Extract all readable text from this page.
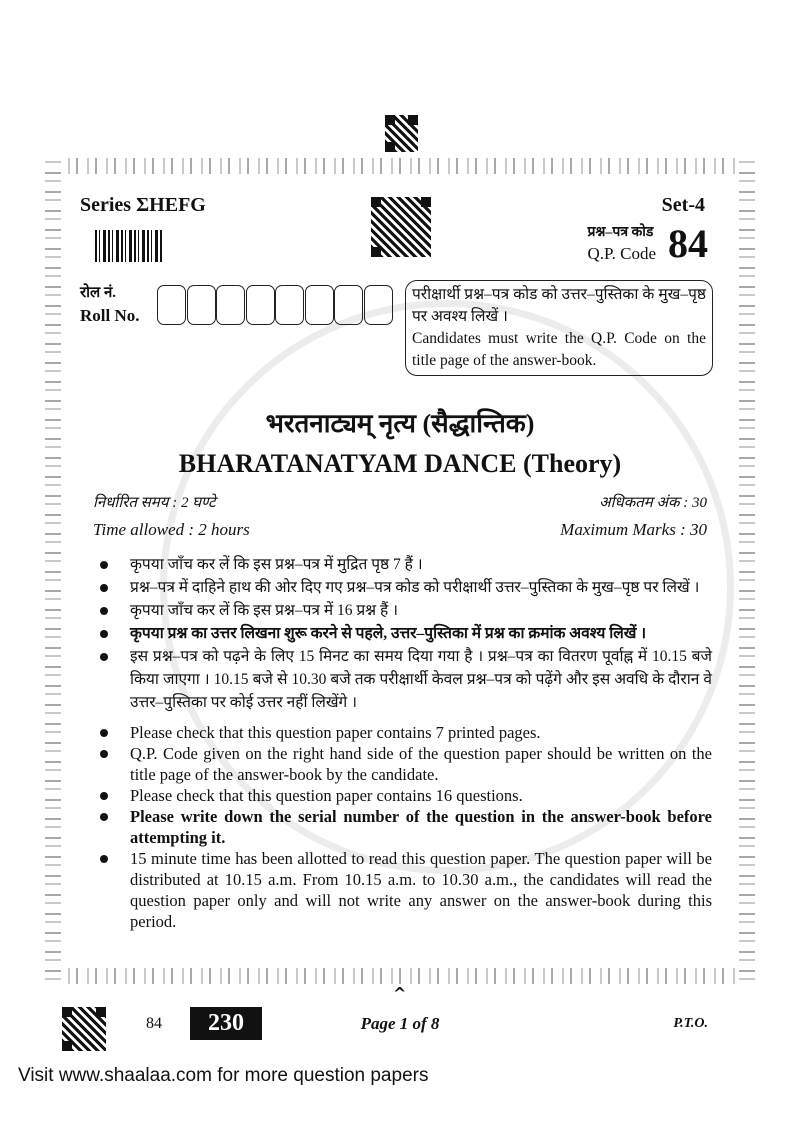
Series ΣHEFG	Set-4
प्रश्न–पत्र कोड
Q.P. Code 84
रोल नं.
Roll No.
परीक्षार्थी प्रश्न–पत्र कोड को उत्तर–पुस्तिका के मुख–पृष्ठ पर अवश्य लिखें ।
Candidates must write the Q.P. Code on the title page of the answer-book.
भरतनाट्यम् नृत्य (सैद्धान्तिक)
BHARATANATYAM DANCE (Theory)
निर्धारित समय : 2 घण्टे	अधिकतम अंक : 30
Time allowed : 2 hours	Maximum Marks : 30
कृपया जाँच कर लें कि इस प्रश्न–पत्र में मुद्रित पृष्ठ 7 हैं ।
प्रश्न–पत्र में दाहिने हाथ की ओर दिए गए प्रश्न–पत्र कोड को परीक्षार्थी उत्तर–पुस्तिका के मुख–पृष्ठ पर लिखें ।
कृपया जाँच कर लें कि इस प्रश्न–पत्र में 16 प्रश्न हैं ।
कृपया प्रश्न का उत्तर लिखना शुरू करने से पहले, उत्तर–पुस्तिका में प्रश्न का क्रमांक अवश्य लिखें ।
इस प्रश्न–पत्र को पढ़ने के लिए 15 मिनट का समय दिया गया है । प्रश्न–पत्र का वितरण पूर्वाह्न में 10.15 बजे किया जाएगा । 10.15 बजे से 10.30 बजे तक परीक्षार्थी केवल प्रश्न–पत्र को पढ़ेंगे और इस अवधि के दौरान वे उत्तर–पुस्तिका पर कोई उत्तर नहीं लिखेंगे ।
Please check that this question paper contains 7 printed pages.
Q.P. Code given on the right hand side of the question paper should be written on the title page of the answer-book by the candidate.
Please check that this question paper contains 16 questions.
Please write down the serial number of the question in the answer-book before attempting it.
15 minute time has been allotted to read this question paper. The question paper will be distributed at 10.15 a.m. From 10.15 a.m. to 10.30 a.m., the candidates will read the question paper only and will not write any answer on the answer-book during this period.
^
84	230	Page 1 of 8	P.T.O.
Visit www.shaalaa.com for more question papers
